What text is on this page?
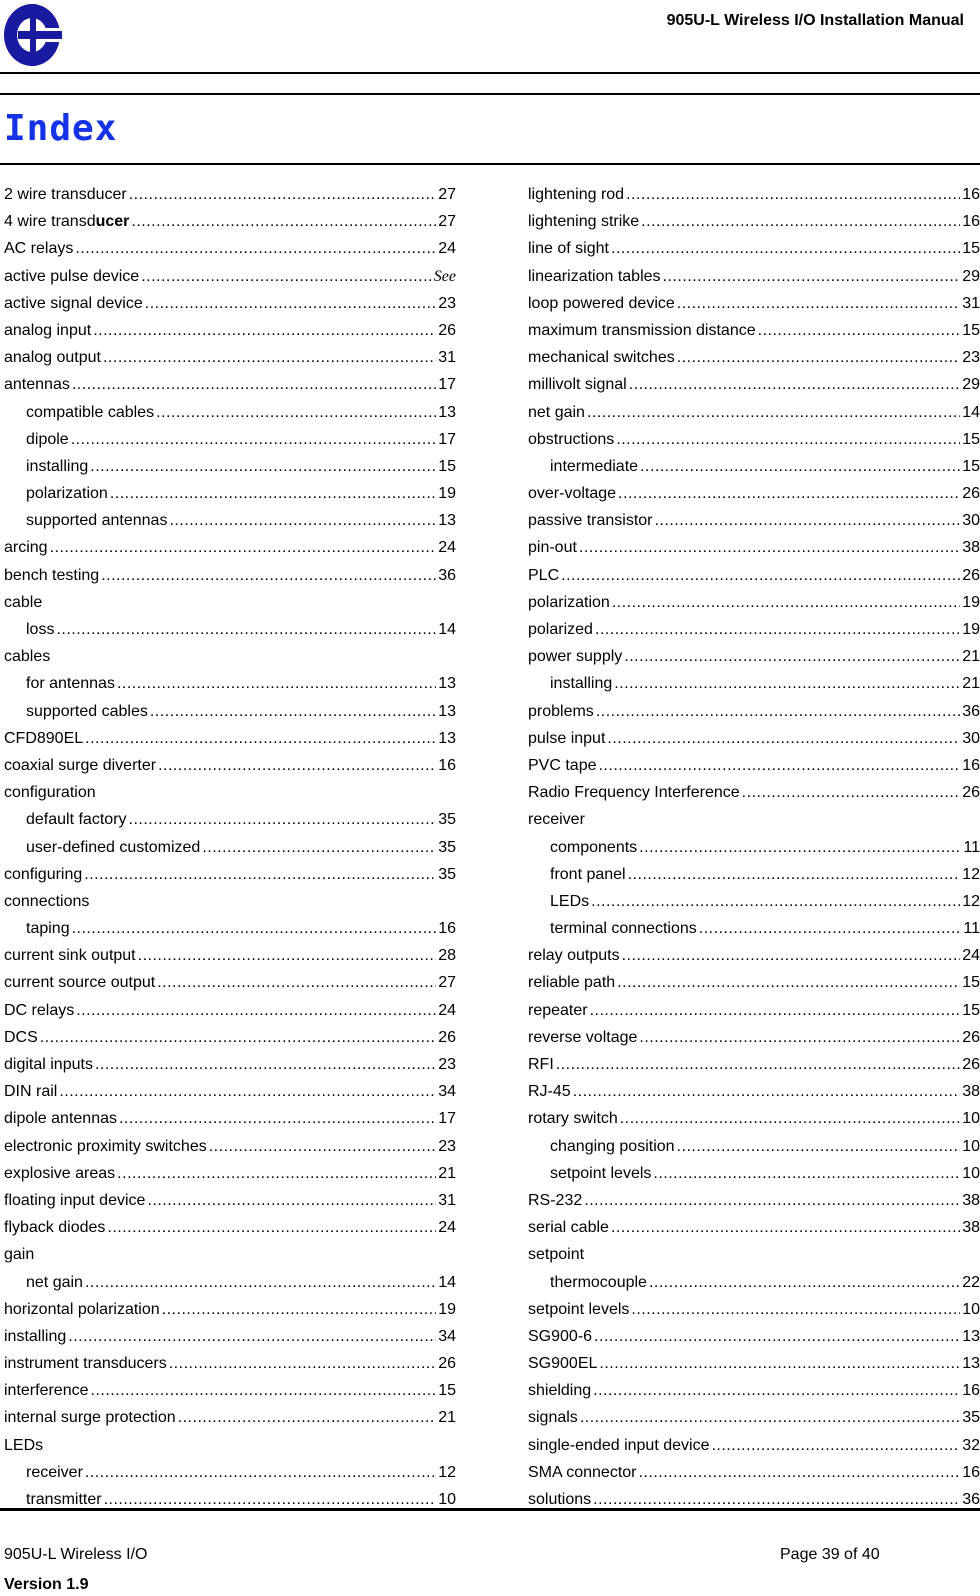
905U-L Wireless I/O Installation Manual
Index
2 wire transducer .....	27
4 wire transducer .....	27
AC relays .....	24
active pulse device .....	See
active signal device .....	23
analog input .....	26
analog output .....	31
antennas .....	17
compatible cables .....	13
dipole .....	17
installing .....	15
polarization .....	19
supported antennas .....	13
arcing .....	24
bench testing .....	36
cable
loss .....	14
cables
for antennas .....	13
supported cables .....	13
CFD890EL .....	13
coaxial surge diverter .....	16
configuration
default factory .....	35
user-defined customized .....	35
configuring .....	35
connections
taping .....	16
current sink output .....	28
current source output .....	27
DC relays .....	24
DCS .....	26
digital inputs .....	23
DIN rail .....	34
dipole antennas .....	17
electronic proximity switches .....	23
explosive areas .....	21
floating input device .....	31
flyback diodes .....	24
gain
net gain .....	14
horizontal polarization .....	19
installing .....	34
instrument transducers .....	26
interference .....	15
internal surge protection .....	21
LEDs
receiver .....	12
transmitter .....	10
lightening rod .....	16
lightening strike .....	16
line of sight .....	15
linearization tables .....	29
loop powered device .....	31
maximum transmission distance .....	15
mechanical switches .....	23
millivolt signal .....	29
net gain .....	14
obstructions .....	15
intermediate .....	15
over-voltage .....	26
passive transistor .....	30
pin-out .....	38
PLC .....	26
polarization .....	19
polarized .....	19
power supply .....	21
installing .....	21
problems .....	36
pulse input .....	30
PVC tape .....	16
Radio Frequency Interference .....	26
receiver
components .....	11
front panel .....	12
LEDs .....	12
terminal connections .....	11
relay outputs .....	24
reliable path .....	15
repeater .....	15
reverse voltage .....	26
RFI .....	26
RJ-45 .....	38
rotary switch .....	10
changing position .....	10
setpoint levels .....	10
RS-232 .....	38
serial cable .....	38
setpoint
thermocouple .....	22
setpoint levels .....	10
SG900-6 .....	13
SG900EL .....	13
shielding .....	16
signals .....	35
single-ended input device .....	32
SMA connector .....	16
solutions .....	36
905U-L Wireless I/O	Page 39 of 40
Version 1.9
